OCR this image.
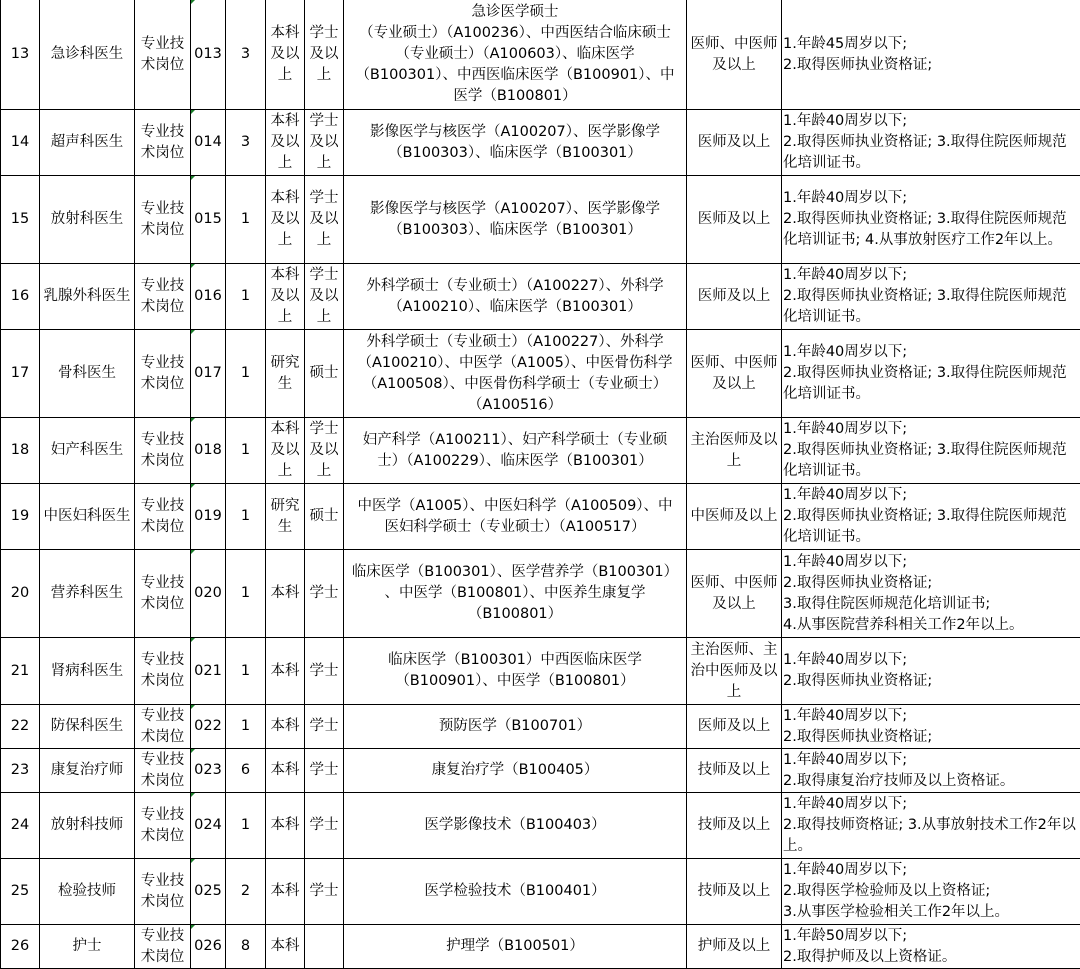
13	急诊科医生	专业技术岗位	013	3	本科及以上	学士及以上	急诊医学硕士
（专业硕士）（A100236）、中西医结合临床硕士
（专业硕士）（A100603）、临床医学
（B100301）、中西医临床医学（B100901）、中
医学（B100801）	医师、中医师及以上	1.年龄45周岁以下;
2.取得医师执业资格证;

14	超声科医生	专业技术岗位	014	3	本科及以上	学士及以上	影像医学与核医学（A100207）、医学影像学
（B100303）、临床医学（B100301）	医师及以上	1.年龄40周岁以下;
2.取得医师执业资格证; 3.取得住院医师规范化培训证书。

15	放射科医生	专业技术岗位	015	1	本科及以上	学士及以上	影像医学与核医学（A100207）、医学影像学
（B100303）、临床医学（B100301）	医师及以上	1.年龄40周岁以下;
2.取得医师执业资格证; 3.取得住院医师规范化培训证书; 4.从事放射医疗工作2年以上。

16	乳腺外科医生	专业技术岗位	016	1	本科及以上	学士及以上	外科学硕士（专业硕士）（A100227）、外科学
（A100210）、临床医学（B100301）	医师及以上	1.年龄40周岁以下;
2.取得医师执业资格证; 3.取得住院医师规范化培训证书。

17	骨科医生	专业技术岗位	017	1	研究生	硕士	外科学硕士（专业硕士）（A100227）、外科学
（A100210）、中医学（A1005）、中医骨伤科学
（A100508）、中医骨伤科学硕士（专业硕士）
（A100516）	医师、中医师及以上	1.年龄40周岁以下;
2.取得医师执业资格证; 3.取得住院医师规范化培训证书。

18	妇产科医生	专业技术岗位	018	1	本科及以上	学士及以上	妇产科学（A100211）、妇产科学硕士（专业硕
士）（A100229）、临床医学（B100301）	主治医师及以上	1.年龄40周岁以下;
2.取得医师执业资格证; 3.取得住院医师规范化培训证书。

19	中医妇科医生	专业技术岗位	019	1	研究生	硕士	中医学（A1005）、中医妇科学（A100509）、中
医妇科学硕士（专业硕士）（A100517）	中医师及以上	1.年龄40周岁以下;
2.取得医师执业资格证; 3.取得住院医师规范化培训证书。

20	营养科医生	专业技术岗位	020	1	本科	学士	临床医学（B100301）、医学营养学（B100301）
、中医学（B100801）、中医养生康复学
（B100801）	医师、中医师及以上	1.年龄40周岁以下;
2.取得医师执业资格证;
3.取得住院医师规范化培训证书;
4.从事医院营养科相关工作2年以上。

21	肾病科医生	专业技术岗位	021	1	本科	学士	临床医学（B100301）中西医临床医学
（B100901）、中医学（B100801）	主治医师、主治中医师及以上	1.年龄40周岁以下;
2.取得医师执业资格证;

22	防保科医生	专业技术岗位	022	1	本科	学士	预防医学（B100701）	医师及以上	1.年龄40周岁以下;
2.取得医师执业资格证;

23	康复治疗师	专业技术岗位	023	6	本科	学士	康复治疗学（B100405）	技师及以上	1.年龄40周岁以下;
2.取得康复治疗技师及以上资格证。

24	放射科技师	专业技术岗位	024	1	本科	学士	医学影像技术（B100403）	技师及以上	1.年龄40周岁以下;
2.取得技师资格证; 3.从事放射技术工作2年以上。

25	检验技师	专业技术岗位	025	2	本科	学士	医学检验技术（B100401）	技师及以上	1.年龄40周岁以下;
2.取得医学检验师及以上资格证;
3.从事医学检验相关工作2年以上。

26	护士	专业技术岗位	026	8	本科		护理学（B100501）	护师及以上	1.年龄50周岁以下;
2.取得护师及以上资格证。
